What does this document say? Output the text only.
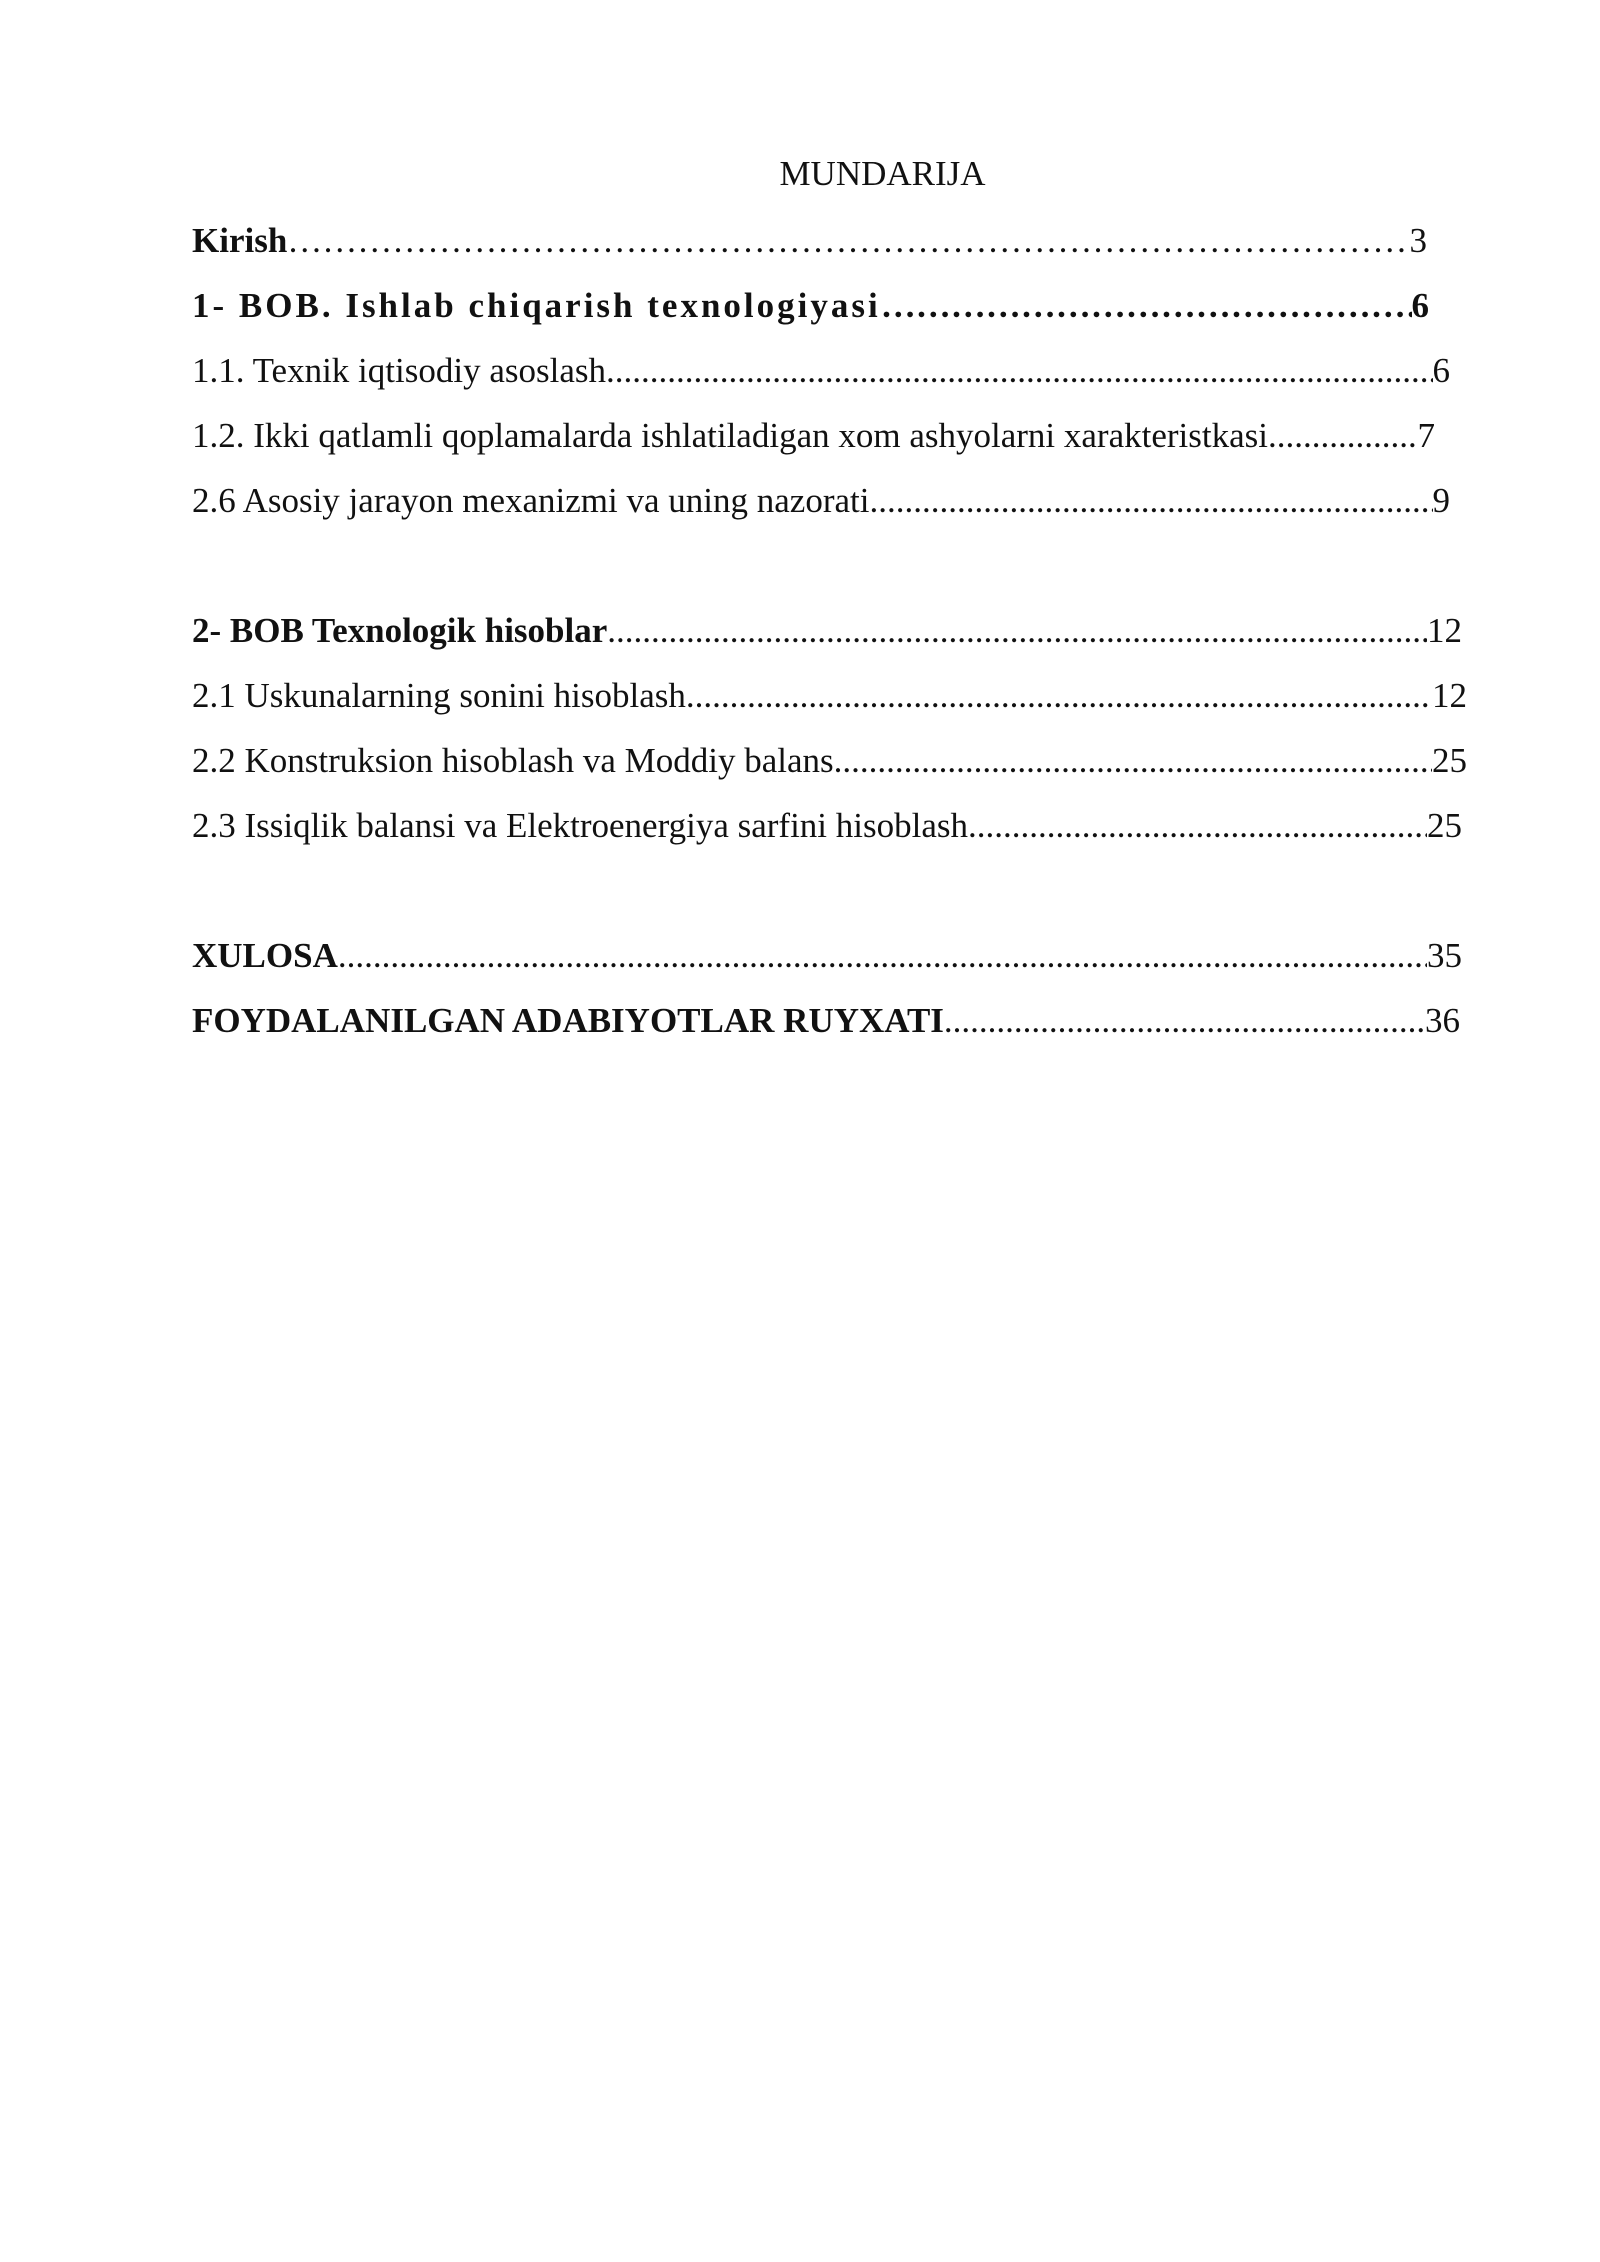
MUNDARIJA
Kirish …………………………………………………………………………………………………………………………………………………	3
1- BOB. Ishlab chiqarish texnologiyasi …………………………………………………………………………………………………………………………………………………	6
1.1. Texnik iqtisodiy asoslash .....	6
1.2. Ikki qatlamli qoplamalarda ishlatiladigan xom ashyolarni xarakteristkasi .....	7
2.6 Asosiy jarayon mexanizmi va uning nazorati .....	9
2- BOB Texnologik hisoblar .....	12
2.1 Uskunalarning sonini hisoblash .....	12
2.2 Konstruksion hisoblash va Moddiy balans .....	25
2.3 Issiqlik balansi va Elektroenergiya sarfini hisoblash .....	25
XULOSA .....	35
FOYDALANILGAN ADABIYOTLAR RUYXATI .....	36
